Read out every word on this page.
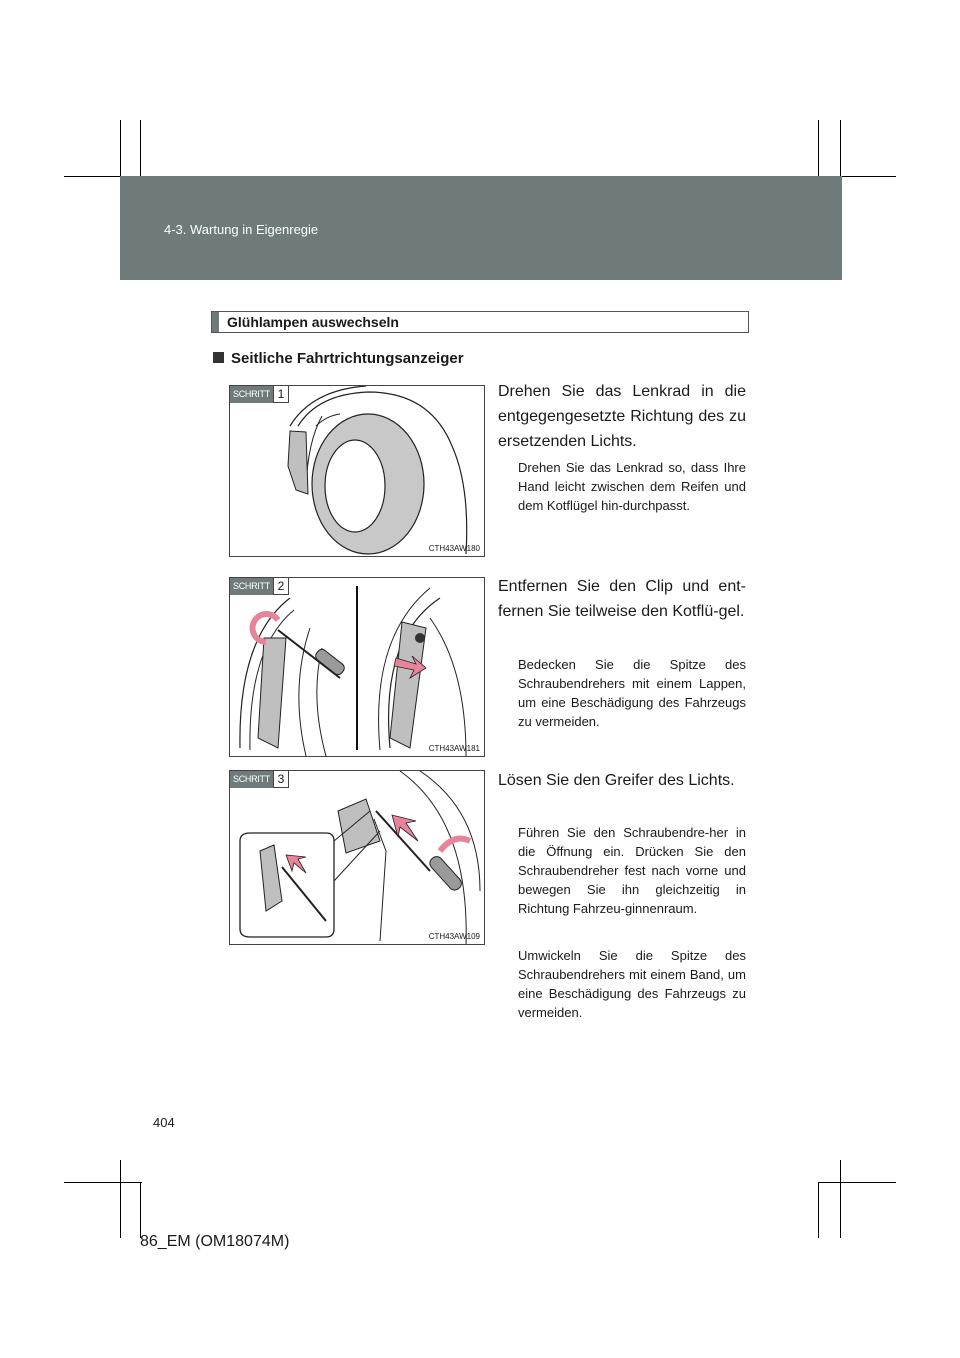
4-3. Wartung in Eigenregie
Glühlampen auswechseln
Seitliche Fahrtrichtungsanzeiger
SCHRITT 1
CTH43AW180
SCHRITT 2
CTH43AW181
SCHRITT 3
CTH43AW109
Drehen Sie das Lenkrad in die entgegengesetzte Richtung des zu ersetzenden Lichts.
Drehen Sie das Lenkrad so, dass Ihre Hand leicht zwischen dem Reifen und dem Kotflügel hin-durchpasst.
Entfernen Sie den Clip und ent-fernen Sie teilweise den Kotflü-gel.
Bedecken Sie die Spitze des Schraubendrehers mit einem Lappen, um eine Beschädigung des Fahrzeugs zu vermeiden.
Lösen Sie den Greifer des Lichts.
Führen Sie den Schraubendre-her in die Öffnung ein. Drücken Sie den Schraubendreher fest nach vorne und bewegen Sie ihn gleichzeitig in Richtung Fahrzeu-ginnenraum.
Umwickeln Sie die Spitze des Schraubendrehers mit einem Band, um eine Beschädigung des Fahrzeugs zu vermeiden.
404
86_EM (OM18074M)
